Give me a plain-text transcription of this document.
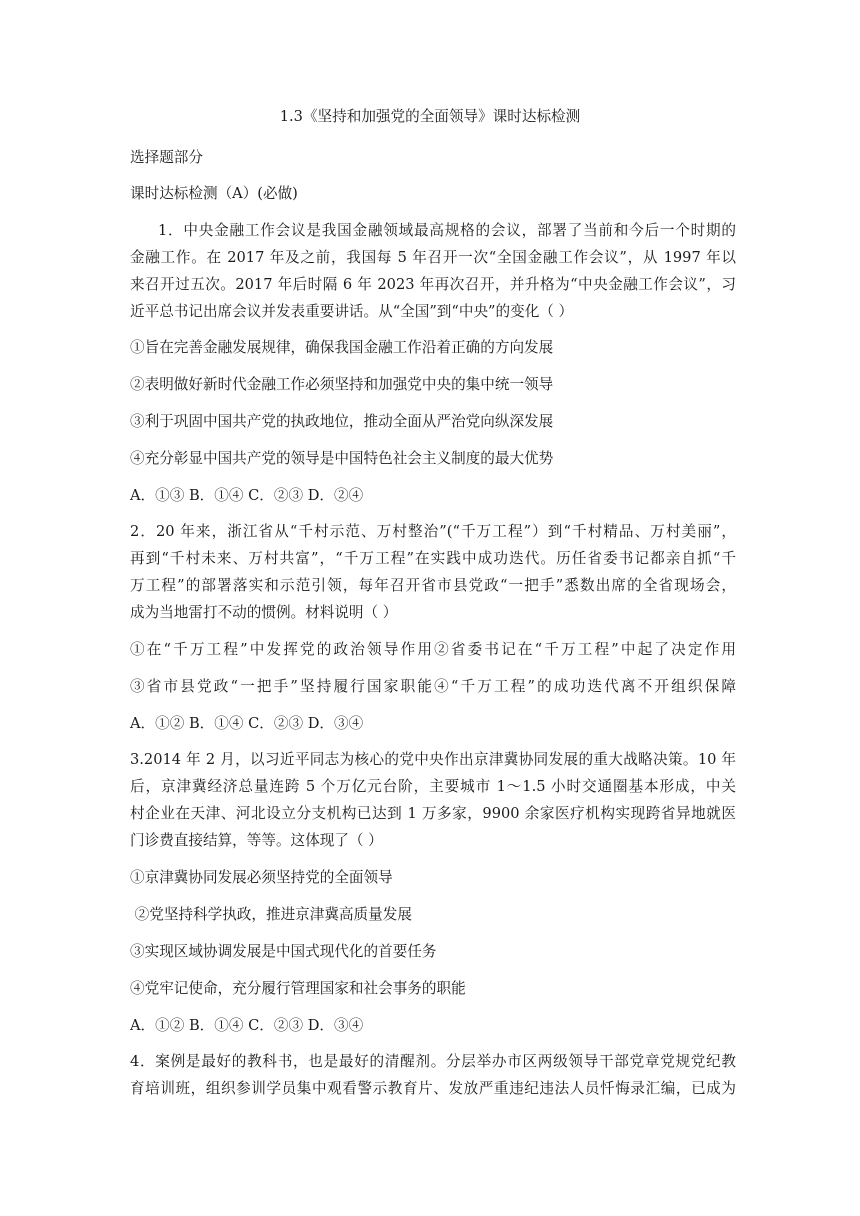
1.3《坚持和加强党的全面领导》课时达标检测
选择题部分
课时达标检测（A）(必做)
1．中央金融工作会议是我国金融领域最高规格的会议，部署了当前和今后一个时期的
金融工作。在 2017 年及之前，我国每 5 年召开一次“全国金融工作会议”，从 1997 年以
来召开过五次。2017 年后时隔 6 年 2023 年再次召开，并升格为“中央金融工作会议”，习
近平总书记出席会议并发表重要讲话。从“全国”到“中央”的变化（ ）
①旨在完善金融发展规律，确保我国金融工作沿着正确的方向发展
②表明做好新时代金融工作必须坚持和加强党中央的集中统一领导
③利于巩固中国共产党的执政地位，推动全面从严治党向纵深发展
④充分彰显中国共产党的领导是中国特色社会主义制度的最大优势
A．①③ B．①④ C．②③ D．②④
2．20 年来，浙江省从“千村示范、万村整治”(“千万工程”）到“千村精品、万村美丽”，
再到“千村未来、万村共富”，“千万工程”在实践中成功迭代。历任省委书记都亲自抓“千
万工程”的部署落实和示范引领，每年召开省市县党政“一把手”悉数出席的全省现场会，
成为当地雷打不动的惯例。材料说明（ ）
①在“千万工程”中发挥党的政治领导作用②省委书记在“千万工程”中起了决定作用
③省市县党政“一把手”坚持履行国家职能④“千万工程”的成功迭代离不开组织保障
A．①② B．①④ C．②③ D．③④
3.2014 年 2 月，以习近平同志为核心的党中央作出京津冀协同发展的重大战略决策。10 年
后，京津冀经济总量连跨 5 个万亿元台阶，主要城市 1～1.5 小时交通圈基本形成，中关
村企业在天津、河北设立分支机构已达到 1 万多家，9900 余家医疗机构实现跨省异地就医
门诊费直接结算，等等。这体现了（ ）
①京津冀协同发展必须坚持党的全面领导
②党坚持科学执政，推进京津冀高质量发展
③实现区域协调发展是中国式现代化的首要任务
④党牢记使命，充分履行管理国家和社会事务的职能
A．①② B．①④ C．②③ D．③④
4．案例是最好的教科书，也是最好的清醒剂。分层举办市区两级领导干部党章党规党纪教
育培训班，组织参训学员集中观看警示教育片、发放严重违纪违法人员忏悔录汇编，已成为
